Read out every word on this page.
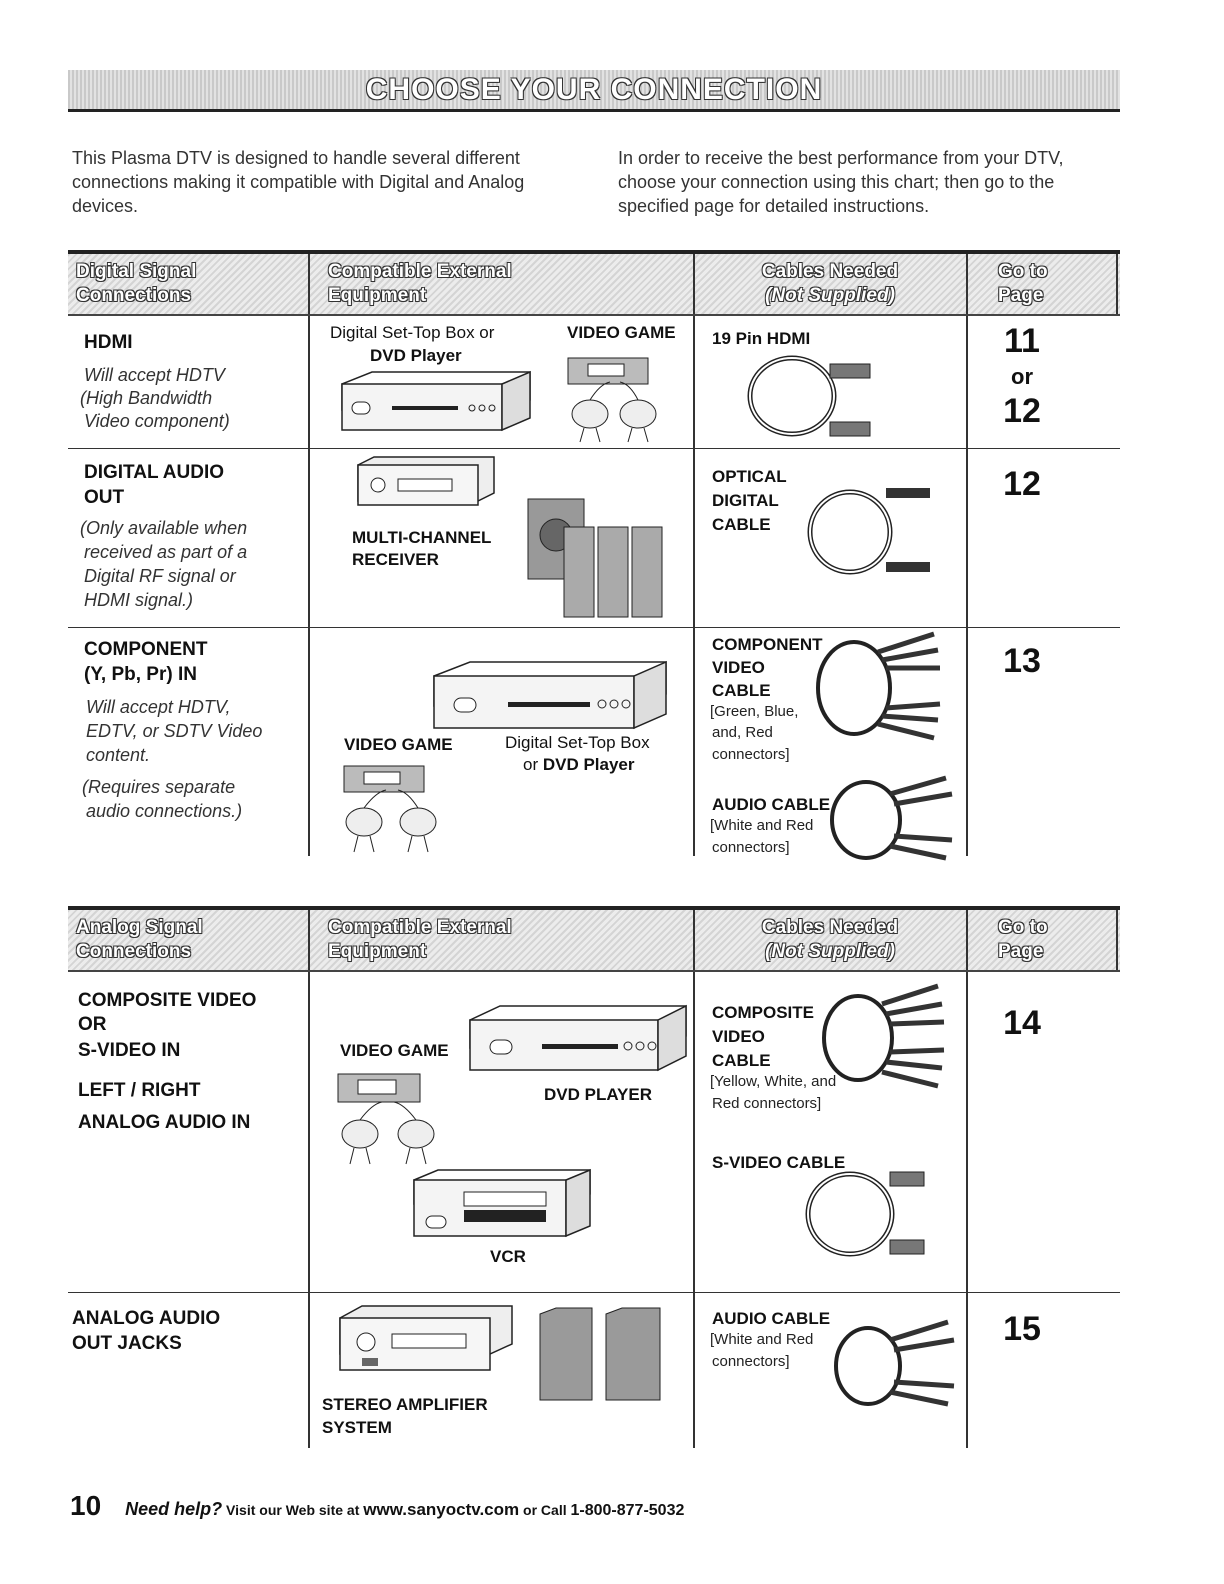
CHOOSE YOUR CONNECTION
This Plasma DTV is designed to handle several different connections making it compatible with Digital and Analog devices.
In order to receive the best performance from your DTV, choose your connection using this chart; then go to the specified page for detailed instructions.
Digital Signal
Connections
Compatible External
Equipment
Cables Needed
(Not Supplied)
Go to
Page
HDMI
Will accept HDTV
(High Bandwidth
Video component)
Digital Set-Top Box or
DVD Player
VIDEO GAME 19 Pin HDMI	11
or
12
DIGITAL AUDIO
OUT
(Only available when
received as part of a
Digital RF signal or
HDMI signal.)
MULTI-CHANNEL
RECEIVER
OPTICAL
DIGITAL
CABLE
12
COMPONENT
(Y, Pb, Pr) IN
Will accept HDTV,
EDTV, or SDTV Video
content.
(Requires separate
audio connections.)
VIDEO GAME	Digital Set-Top Box
or DVD Player
COMPONENT
VIDEO
CABLE
[Green, Blue,
and, Red
connectors]
AUDIO CABLE
[White and Red
connectors]
13
Analog Signal
Connections
Compatible External
Equipment
Cables Needed
(Not Supplied)
Go to
Page
COMPOSITE VIDEO
OR
S-VIDEO IN
LEFT / RIGHT
ANALOG AUDIO IN
VIDEO GAME
DVD PLAYER
VCR
COMPOSITE
VIDEO
CABLE
[Yellow, White, and
Red connectors]
S-VIDEO CABLE
14
ANALOG AUDIO
OUT JACKS
STEREO AMPLIFIER
SYSTEM
AUDIO CABLE
[White and Red
connectors]
15
10 Need help? Visit our Web site at www.sanyoctv.com or Call 1-800-877-5032
